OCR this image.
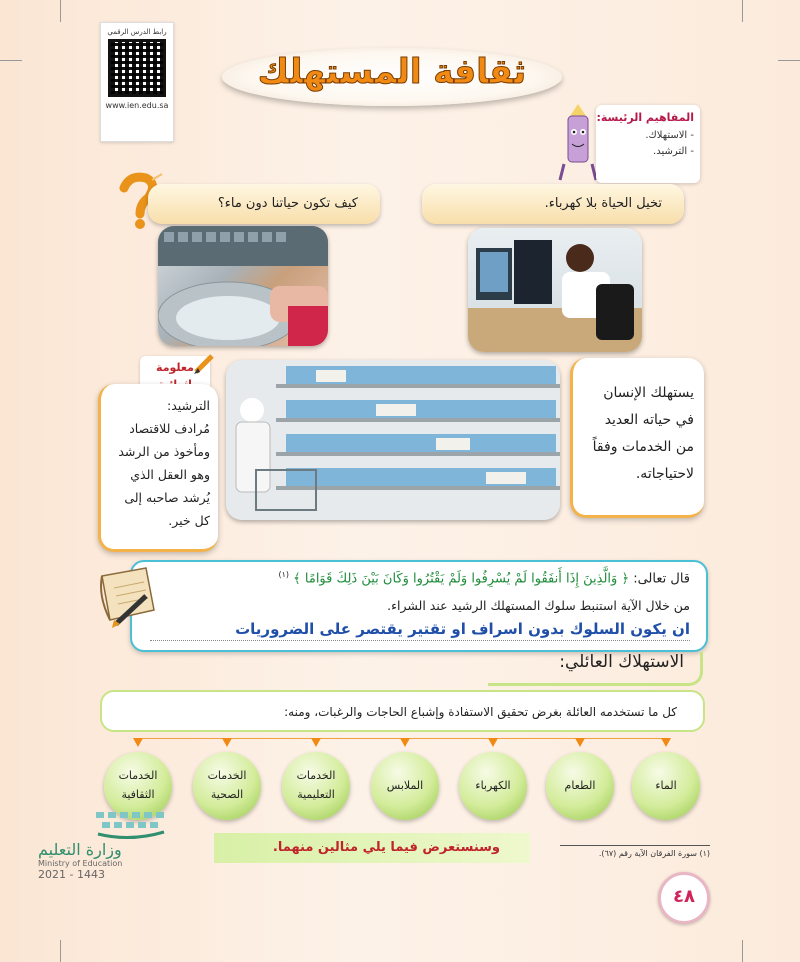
رابط الدرس الرقمي
www.ien.edu.sa
ثقافة المستهلك
المفاهيم الرئيسة:
- الاستهلاك.
- الترشيد.
كيف تكون حياتنا دون ماء؟	تخيل الحياة بلا كهرباء.
معلومة
الترشيد:
مُرادف للاقتصاد
ومأخوذ من الرشد
وهو العقل الذي
يُرشد صاحبه إلى
كل خير.
يستهلك الإنسان
في حياته العديد
من الخدمات وفقاً
لاحتياجاته.
قال تعالى: ﴿ وَالَّذِينَ إِذَا أَنفَقُوا لَمْ يُسْرِفُوا وَلَمْ يَقْتُرُوا وَكَانَ بَيْنَ ذَلِكَ قَوَامًا ﴾ $^{(١)}$
من خلال الآية استنبط سلوك المستهلك الرشيد عند الشراء.
ان يكون السلوك بدون اسراف او تقتير يقتصر على الضروريات
الاستهلاك العائلي:
كل ما تستخدمه العائلة بغرض تحقيق الاستفادة وإشباع الحاجات والرغبات، ومنه:
الماء
الطعام
الكهرباء
الملابس
الخدمات
التعليمية
الخدمات
الصحية
الخدمات
الثقافية
وزارة التعليم
Ministry of Education
2021 - 1443
وسنستعرض فيما يلي مثالين منهما.	(١) سورة الفرقان الآية رقم (٦٧).
٤٨
